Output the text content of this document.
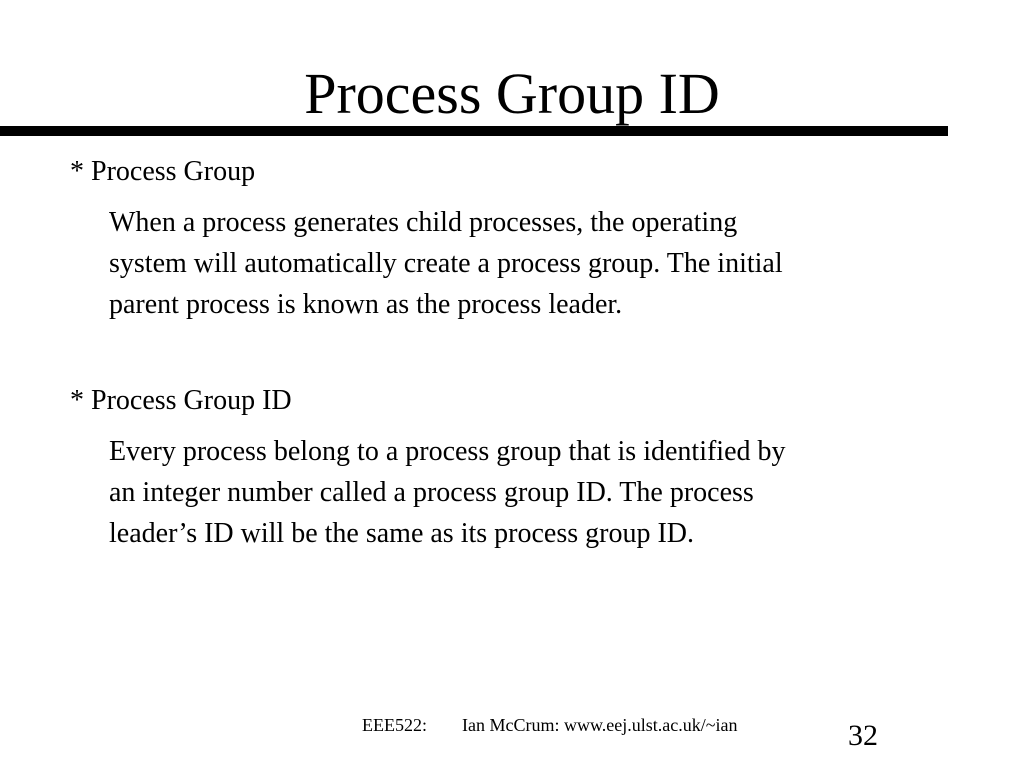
Process Group ID
* Process Group
When a process generates child processes, the operating
system will automatically create a process group. The initial
parent process is known as the process leader.
* Process Group ID
Every process belong to a process group that is identified by
an integer number called a process group ID. The process
leader’s ID will be the same as its process group ID.
EEE522: Ian McCrum: www.eej.ulst.ac.uk/~ian	32
